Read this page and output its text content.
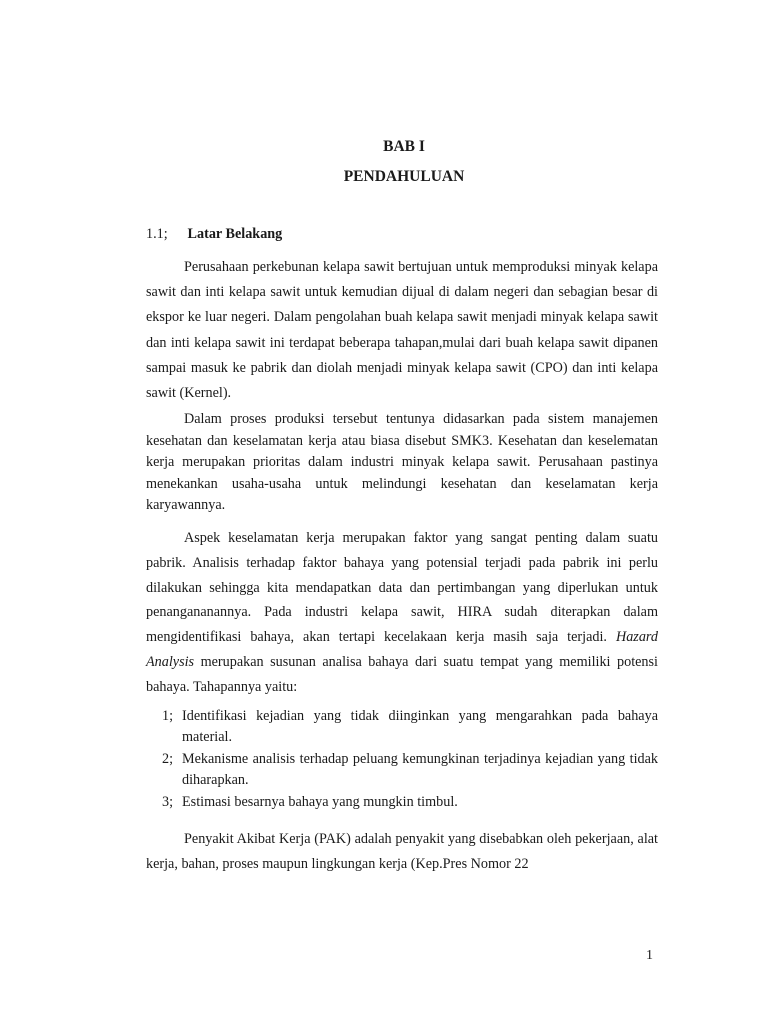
BAB I
PENDAHULUAN
1.1; Latar Belakang

Perusahaan perkebunan kelapa sawit bertujuan untuk memproduksi minyak kelapa sawit dan inti kelapa sawit untuk kemudian dijual di dalam negeri dan sebagian besar di ekspor ke luar negeri. Dalam pengolahan buah kelapa sawit menjadi minyak kelapa sawit dan inti kelapa sawit ini terdapat beberapa tahapan,mulai dari buah kelapa sawit dipanen sampai masuk ke pabrik dan diolah menjadi minyak kelapa sawit (CPO) dan inti kelapa sawit (Kernel).

Dalam proses produksi tersebut tentunya didasarkan pada sistem manajemen kesehatan dan keselamatan kerja atau biasa disebut SMK3. Kesehatan dan keselematan kerja merupakan prioritas dalam industri minyak kelapa sawit. Perusahaan pastinya menekankan usaha-usaha untuk melindungi kesehatan dan keselamatan kerja karyawannya.

Aspek keselamatan kerja merupakan faktor yang sangat penting dalam suatu pabrik. Analisis terhadap faktor bahaya yang potensial terjadi pada pabrik ini perlu dilakukan sehingga kita mendapatkan data dan pertimbangan yang diperlukan untuk penangananannya. Pada industri kelapa sawit, HIRA sudah diterapkan dalam mengidentifikasi bahaya, akan tertapi kecelakaan kerja masih saja terjadi. Hazard Analysis merupakan susunan analisa bahaya dari suatu tempat yang memiliki potensi bahaya. Tahapannya yaitu:

1; Identifikasi kejadian yang tidak diinginkan yang mengarahkan pada bahaya material.
2; Mekanisme analisis terhadap peluang kemungkinan terjadinya kejadian yang tidak diharapkan.
3; Estimasi besarnya bahaya yang mungkin timbul.

Penyakit Akibat Kerja (PAK) adalah penyakit yang disebabkan oleh pekerjaan, alat kerja, bahan, proses maupun lingkungan kerja (Kep.Pres Nomor 22

1
